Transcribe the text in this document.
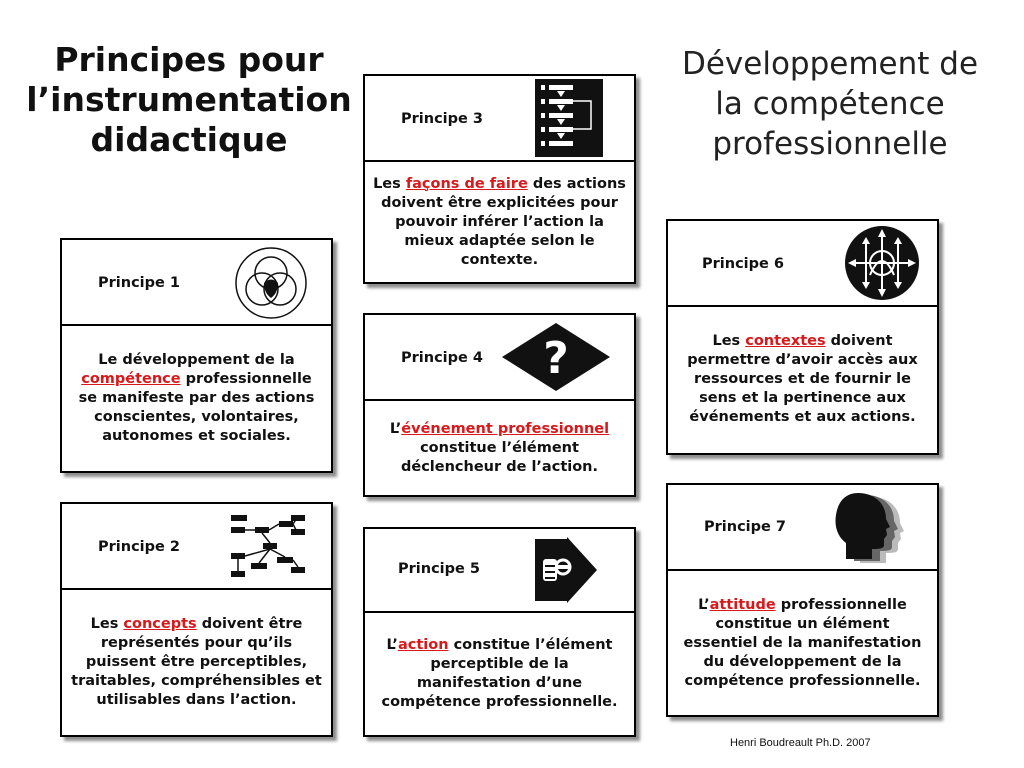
Principes pour l’instrumentation didactique
Développement de la compétence professionnelle
Principe 1
Le développement de la compétence professionnelle se manifeste par des actions conscientes, volontaires, autonomes et sociales.
Principe 2
Les concepts doivent être représentés pour qu’ils puissent être perceptibles, traitables, compréhensibles et utilisables dans l’action.
Principe 3
Les façons de faire des actions doivent être explicitées pour pouvoir inférer l’action la mieux adaptée selon le contexte.
Principe 4 ?
L’événement professionnel constitue l’élément déclencheur de l’action.
Principe 5
L’action constitue l’élément perceptible de la manifestation d’une compétence professionnelle.
Principe 6
Les contextes doivent permettre d’avoir accès aux ressources et de fournir le sens et la pertinence aux événements et aux actions.
Principe 7
L’attitude professionnelle constitue un élément essentiel de la manifestation du développement de la compétence professionnelle.
Henri Boudreault Ph.D. 2007
